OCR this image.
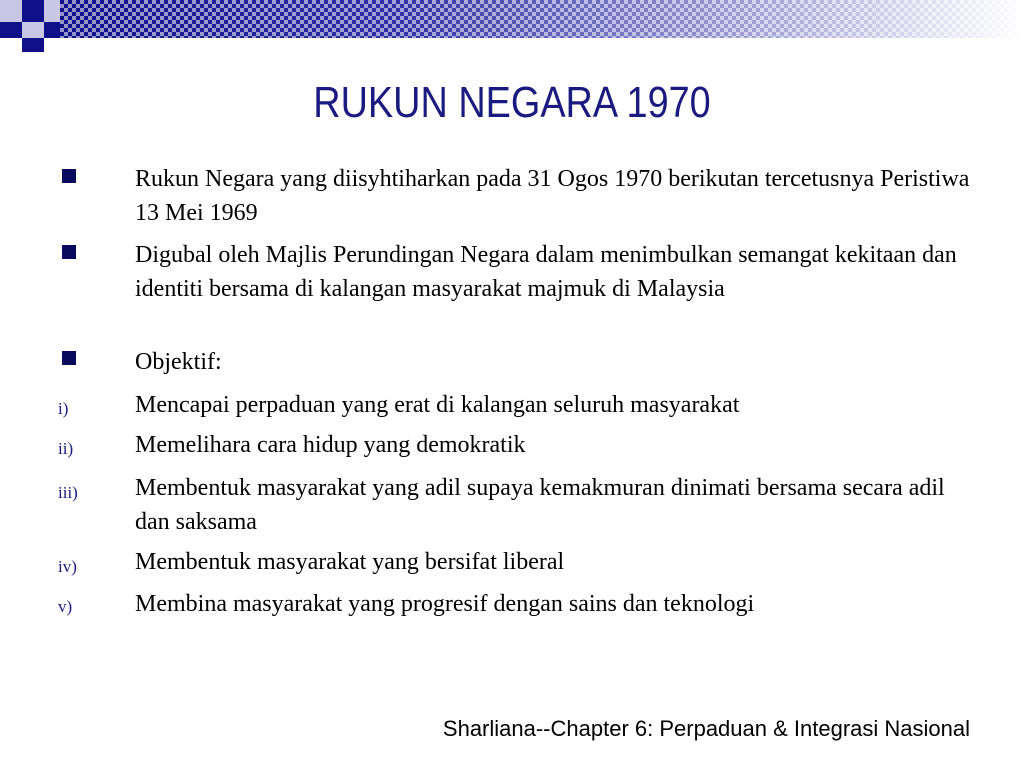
RUKUN NEGARA 1970
Rukun Negara yang diisyhtiharkan pada 31 Ogos 1970 berikutan tercetusnya Peristiwa 13 Mei 1969
Digubal oleh Majlis Perundingan Negara dalam menimbulkan semangat kekitaan dan identiti bersama di kalangan masyarakat majmuk di Malaysia
Objektif:
i)	Mencapai perpaduan yang erat di kalangan seluruh masyarakat
ii)	Memelihara cara hidup yang demokratik
iii) Membentuk masyarakat yang adil supaya kemakmuran dinimati bersama secara adil dan saksama
iv) Membentuk masyarakat yang bersifat liberal
v)	Membina masyarakat yang progresif dengan sains dan teknologi
Sharliana--Chapter 6: Perpaduan & Integrasi Nasional
